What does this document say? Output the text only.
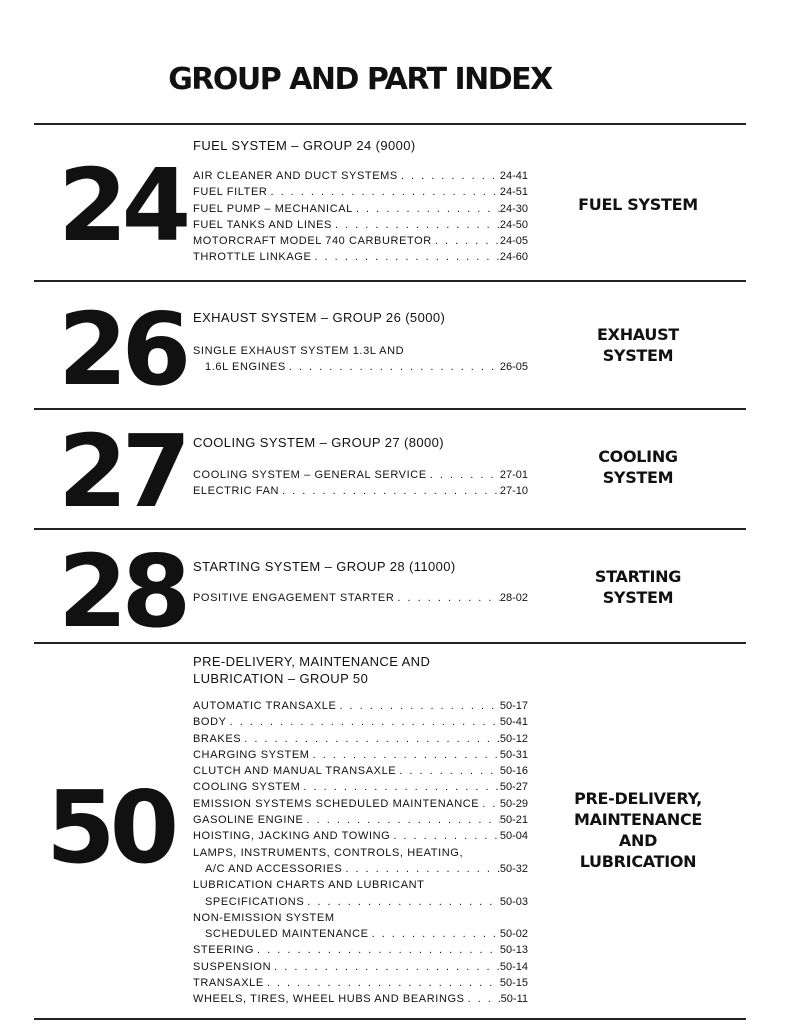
GROUP AND PART INDEX
24
FUEL SYSTEM – GROUP 24 (9000)
AIR CLEANER AND DUCT SYSTEMS . . .	24-41
FUEL FILTER . . .	24-51
FUEL PUMP – MECHANICAL . . .	24-30
FUEL TANKS AND LINES . . .	24-50
MOTORCRAFT MODEL 740 CARBURETOR . . .	24-05
THROTTLE LINKAGE . . .	24-60
FUEL SYSTEM
26 EXHAUST SYSTEM – GROUP 26 (5000)
SINGLE EXHAUST SYSTEM 1.3L AND
1.6L ENGINES . . .	26-05
EXHAUST
SYSTEM
27 COOLING SYSTEM – GROUP 27 (8000)
COOLING SYSTEM – GENERAL SERVICE . . .	27-01
ELECTRIC FAN . . .	27-10
COOLING
SYSTEM
28 STARTING SYSTEM – GROUP 28 (11000)
POSITIVE ENGAGEMENT STARTER . . .	28-02
STARTING
SYSTEM
50
PRE-DELIVERY, MAINTENANCE AND
LUBRICATION – GROUP 50
AUTOMATIC TRANSAXLE . . .	50-17
BODY . . .	50-41
BRAKES . . .	50-12
CHARGING SYSTEM . . .	50-31
CLUTCH AND MANUAL TRANSAXLE . . .	50-16
COOLING SYSTEM . . .	50-27
EMISSION SYSTEMS SCHEDULED MAINTENANCE . . . 50-29
GASOLINE ENGINE . . .	50-21
HOISTING, JACKING AND TOWING . . .	50-04
LAMPS, INSTRUMENTS, CONTROLS, HEATING,
A/C AND ACCESSORIES . . .	50-32
LUBRICATION CHARTS AND LUBRICANT
SPECIFICATIONS . . .	50-03
NON-EMISSION SYSTEM
SCHEDULED MAINTENANCE . . .	50-02
STEERING . . .	50-13
SUSPENSION . . .	50-14
TRANSAXLE . . .	50-15
WHEELS, TIRES, WHEEL HUBS AND BEARINGS . . .	50-11
PRE-DELIVERY,
MAINTENANCE
AND
LUBRICATION
